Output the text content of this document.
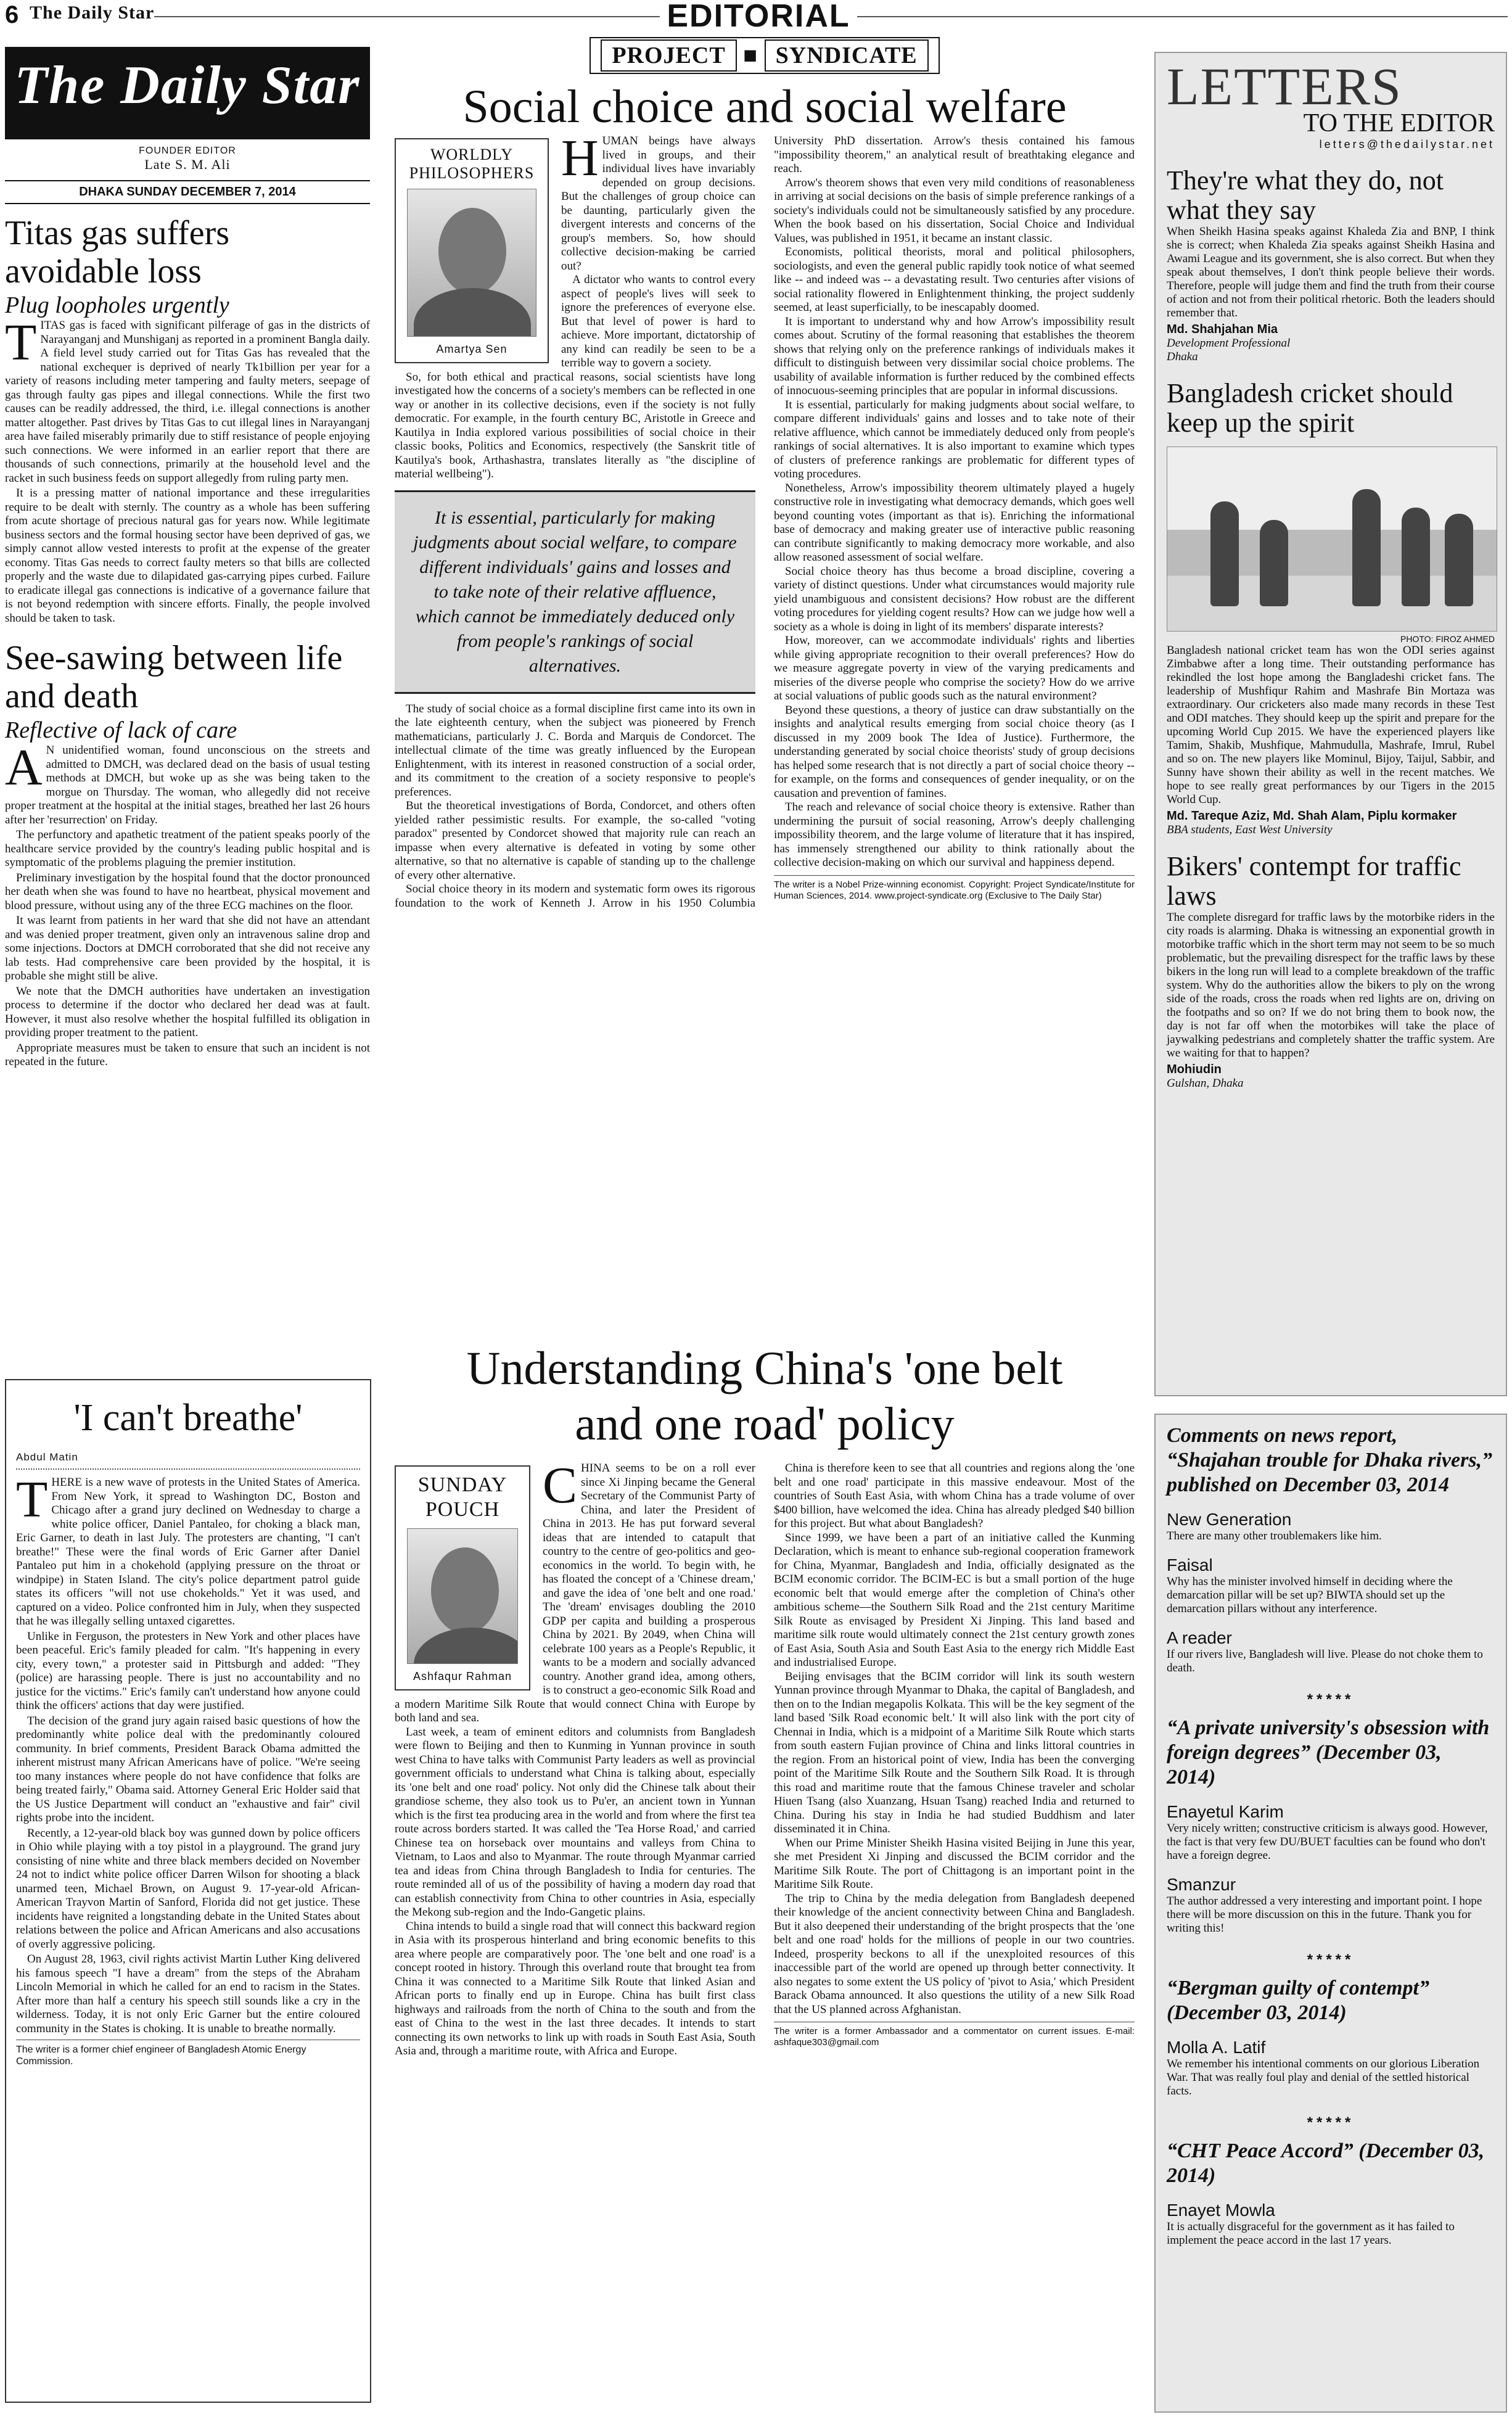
6 The Daily Star	EDITORIAL
The Daily Star
FOUNDER EDITOR
Late S. M. Ali
DHAKA SUNDAY DECEMBER 7, 2014
Titas gas suffers avoidable loss
Plug loopholes urgently
T ITAS gas is faced with significant pilferage of gas in the districts of Narayanganj and Munshiganj as reported in a prominent Bangla daily. A field level study carried out for Titas Gas has revealed that the national exchequer is deprived of nearly Tk1billion per year for a variety of reasons including meter tampering and faulty meters, seepage of gas through faulty gas pipes and illegal connections. While the first two causes can be readily addressed, the third, i.e. illegal connections is another matter altogether. Past drives by Titas Gas to cut illegal lines in Narayanganj area have failed miserably primarily due to stiff resistance of people enjoying such connections. We were informed in an earlier report that there are thousands of such connections, primarily at the household level and the racket in such business feeds on support allegedly from ruling party men.

It is a pressing matter of national importance and these irregularities require to be dealt with sternly. The country as a whole has been suffering from acute shortage of precious natural gas for years now. While legitimate business sectors and the formal housing sector have been deprived of gas, we simply cannot allow vested interests to profit at the expense of the greater economy. Titas Gas needs to correct faulty meters so that bills are collected properly and the waste due to dilapidated gas-carrying pipes curbed. Failure to eradicate illegal gas connections is indicative of a governance failure that is not beyond redemption with sincere efforts. Finally, the people involved should be taken to task.

See-sawing between life and death
Reflective of lack of care
A N unidentified woman, found unconscious on the streets and admitted to DMCH, was declared dead on the basis of usual testing methods at DMCH, but woke up as she was being taken to the morgue on Thursday. The woman, who allegedly did not receive proper treatment at the hospital at the initial stages, breathed her last 26 hours after her 'resurrection' on Friday.

The perfunctory and apathetic treatment of the patient speaks poorly of the healthcare service provided by the country's leading public hospital and is symptomatic of the problems plaguing the premier institution.

Preliminary investigation by the hospital found that the doctor pronounced her death when she was found to have no heartbeat, physical movement and blood pressure, without using any of the three ECG machines on the floor.

It was learnt from patients in her ward that she did not have an attendant and was denied proper treatment, given only an intravenous saline drop and some injections. Doctors at DMCH corroborated that she did not receive any lab tests. Had comprehensive care been provided by the hospital, it is probable she might still be alive.

We note that the DMCH authorities have undertaken an investigation process to determine if the doctor who declared her dead was at fault. However, it must also resolve whether the hospital fulfilled its obligation in providing proper treatment to the patient.

Appropriate measures must be taken to ensure that such an incident is not repeated in the future.

'I can't breathe'
Abdul Matin
T HERE is a new wave of protests in the United States of America. From New York, it spread to Washington DC, Boston and Chicago after a grand jury declined on Wednesday to charge a white police officer, Daniel Pantaleo, for choking a black man, Eric Garner, to death in last July. The protesters are chanting, "I can't breathe!" These were the final words of Eric Garner after Daniel Pantaleo put him in a chokehold (applying pressure on the throat or windpipe) in Staten Island. The city's police department patrol guide states its officers "will not use chokeholds." Yet it was used, and captured on a video. Police confronted him in July, when they suspected that he was illegally selling untaxed cigarettes.

Unlike in Ferguson, the protesters in New York and other places have been peaceful. Eric's family pleaded for calm. "It's happening in every city, every town," a protester said in Pittsburgh and added: "They (police) are harassing people. There is just no accountability and no justice for the victims." Eric's family can't understand how anyone could think the officers' actions that day were justified.

The decision of the grand jury again raised basic questions of how the predominantly white police deal with the predominantly coloured community. In brief comments, President Barack Obama admitted the inherent mistrust many African Americans have of police. "We're seeing too many instances where people do not have confidence that folks are being treated fairly," Obama said. Attorney General Eric Holder said that the US Justice Department will conduct an "exhaustive and fair" civil rights probe into the incident.

Recently, a 12-year-old black boy was gunned down by police officers in Ohio while playing with a toy pistol in a playground. The grand jury consisting of nine white and three black members decided on November 24 not to indict white police officer Darren Wilson for shooting a black unarmed teen, Michael Brown, on August 9. 17-year-old African-American Trayvon Martin of Sanford, Florida did not get justice. These incidents have reignited a longstanding debate in the United States about relations between the police and African Americans and also accusations of overly aggressive policing.

On August 28, 1963, civil rights activist Martin Luther King delivered his famous speech "I have a dream" from the steps of the Abraham Lincoln Memorial in which he called for an end to racism in the States. After more than half a century his speech still sounds like a cry in the wilderness. Today, it is not only Eric Garner but the entire coloured community in the States is choking. It is unable to breathe normally.

The writer is a former chief engineer of Bangladesh Atomic Energy Commission.
PROJECT ■ SYNDICATE
Social choice and social welfare
WORLDLY PHILOSOPHERS
Amartya Sen
H UMAN beings have always lived in groups, and their individual lives have invariably depended on group decisions. But the challenges of group choice can be daunting, particularly given the divergent interests and concerns of the group's members. So, how should collective decision-making be carried out?

A dictator who wants to control every aspect of people's lives will seek to ignore the preferences of everyone else. But that level of power is hard to achieve. More important, dictatorship of any kind can readily be seen to be a terrible way to govern a society.

So, for both ethical and practical reasons, social scientists have long investigated how the concerns of a society's members can be reflected in one way or another in its collective decisions, even if the society is not fully democratic. For example, in the fourth century BC, Aristotle in Greece and Kautilya in India explored various possibilities of social choice in their classic books, Politics and Economics, respectively (the Sanskrit title of Kautilya's book, Arthashastra, translates literally as "the discipline of material wellbeing").

It is essential, particularly for making judgments about social welfare, to compare different individuals' gains and losses and to take note of their relative affluence, which cannot be immediately deduced only from people's rankings of social alternatives.

The study of social choice as a formal discipline first came into its own in the late eighteenth century, when the subject was pioneered by French mathematicians, particularly J. C. Borda and Marquis de Condorcet. The intellectual climate of the time was greatly influenced by the European Enlightenment, with its interest in reasoned construction of a social order, and its commitment to the creation of a society responsive to people's preferences.

But the theoretical investigations of Borda, Condorcet, and others often yielded rather pessimistic results. For example, the so-called "voting paradox" presented by Condorcet showed that majority rule can reach an impasse when every alternative is defeated in voting by some other alternative, so that no alternative is capable of standing up to the challenge of every other alternative.

Social choice theory in its modern and systematic form owes its rigorous foundation to the work of Kenneth J. Arrow in his 1950 Columbia University PhD dissertation. Arrow's thesis contained his famous "impossibility theorem," an analytical result of breathtaking elegance and reach.

Arrow's theorem shows that even very mild conditions of reasonableness in arriving at social decisions on the basis of simple preference rankings of a society's individuals could not be simultaneously satisfied by any procedure. When the book based on his dissertation, Social Choice and Individual Values, was published in 1951, it became an instant classic.

Economists, political theorists, moral and political philosophers, sociologists, and even the general public rapidly took notice of what seemed like -- and indeed was -- a devastating result. Two centuries after visions of social rationality flowered in Enlightenment thinking, the project suddenly seemed, at least superficially, to be inescapably doomed.

It is important to understand why and how Arrow's impossibility result comes about. Scrutiny of the formal reasoning that establishes the theorem shows that relying only on the preference rankings of individuals makes it difficult to distinguish between very dissimilar social choice problems. The usability of available information is further reduced by the combined effects of innocuous-seeming principles that are popular in informal discussions.

It is essential, particularly for making judgments about social welfare, to compare different individuals' gains and losses and to take note of their relative affluence, which cannot be immediately deduced only from people's rankings of social alternatives. It is also important to examine which types of clusters of preference rankings are problematic for different types of voting procedures.

Nonetheless, Arrow's impossibility theorem ultimately played a hugely constructive role in investigating what democracy demands, which goes well beyond counting votes (important as that is). Enriching the informational base of democracy and making greater use of interactive public reasoning can contribute significantly to making democracy more workable, and also allow reasoned assessment of social welfare.

Social choice theory has thus become a broad discipline, covering a variety of distinct questions. Under what circumstances would majority rule yield unambiguous and consistent decisions? How robust are the different voting procedures for yielding cogent results? How can we judge how well a society as a whole is doing in light of its members' disparate interests?

How, moreover, can we accommodate individuals' rights and liberties while giving appropriate recognition to their overall preferences? How do we measure aggregate poverty in view of the varying predicaments and miseries of the diverse people who comprise the society? How do we arrive at social valuations of public goods such as the natural environment?

Beyond these questions, a theory of justice can draw substantially on the insights and analytical results emerging from social choice theory (as I discussed in my 2009 book The Idea of Justice). Furthermore, the understanding generated by social choice theorists' study of group decisions has helped some research that is not directly a part of social choice theory -- for example, on the forms and consequences of gender inequality, or on the causation and prevention of famines.

The reach and relevance of social choice theory is extensive. Rather than undermining the pursuit of social reasoning, Arrow's deeply challenging impossibility theorem, and the large volume of literature that it has inspired, has immensely strengthened our ability to think rationally about the collective decision-making on which our survival and happiness depend.

The writer is a Nobel Prize-winning economist. Copyright: Project Syndicate/Institute for Human Sciences, 2014. www.project-syndicate.org (Exclusive to The Daily Star)
Understanding China's 'one belt and one road' policy
SUNDAY POUCH
Ashfaqur Rahman
C HINA seems to be on a roll ever since Xi Jinping became the General Secretary of the Communist Party of China, and later the President of China in 2013. He has put forward several ideas that are intended to catapult that country to the centre of geo-politics and geo-economics in the world. To begin with, he has floated the concept of a 'Chinese dream,' and gave the idea of 'one belt and one road.' The 'dream' envisages doubling the 2010 GDP per capita and building a prosperous China by 2021. By 2049, when China will celebrate 100 years as a People's Republic, it wants to be a modern and socially advanced country. Another grand idea, among others, is to construct a geo-economic Silk Road and a modern Maritime Silk Route that would connect China with Europe by both land and sea.

Last week, a team of eminent editors and columnists from Bangladesh were flown to Beijing and then to Kunming in Yunnan province in south west China to have talks with Communist Party leaders as well as provincial government officials to understand what China is talking about, especially its 'one belt and one road' policy. Not only did the Chinese talk about their grandiose scheme, they also took us to Pu'er, an ancient town in Yunnan which is the first tea producing area in the world and from where the first tea route across borders started. It was called the 'Tea Horse Road,' and carried Chinese tea on horseback over mountains and valleys from China to Vietnam, to Laos and also to Myanmar. The route through Myanmar carried tea and ideas from China through Bangladesh to India for centuries. The route reminded all of us of the possibility of having a modern day road that can establish connectivity from China to other countries in Asia, especially the Mekong sub-region and the Indo-Gangetic plains.

China intends to build a single road that will connect this backward region in Asia with its prosperous hinterland and bring economic benefits to this area where people are comparatively poor. The 'one belt and one road' is a concept rooted in history. Through this overland route that brought tea from China it was connected to a Maritime Silk Route that linked Asian and African ports to finally end up in Europe. China has built first class highways and railroads from the north of China to the south and from the east of China to the west in the last three decades. It intends to start connecting its own networks to link up with roads in South East Asia, South Asia and, through a maritime route, with Africa and Europe.

China is therefore keen to see that all countries and regions along the 'one belt and one road' participate in this massive endeavour. Most of the countries of South East Asia, with whom China has a trade volume of over $400 billion, have welcomed the idea. China has already pledged $40 billion for this project. But what about Bangladesh?

Since 1999, we have been a part of an initiative called the Kunming Declaration, which is meant to enhance sub-regional cooperation framework for China, Myanmar, Bangladesh and India, officially designated as the BCIM economic corridor. The BCIM-EC is but a small portion of the huge economic belt that would emerge after the completion of China's other ambitious scheme—the Southern Silk Road and the 21st century Maritime Silk Route as envisaged by President Xi Jinping. This land based and maritime silk route would ultimately connect the 21st century growth zones of East Asia, South Asia and South East Asia to the energy rich Middle East and industrialised Europe.

Beijing envisages that the BCIM corridor will link its south western Yunnan province through Myanmar to Dhaka, the capital of Bangladesh, and then on to the Indian megapolis Kolkata. This will be the key segment of the land based 'Silk Road economic belt.' It will also link with the port city of Chennai in India, which is a midpoint of a Maritime Silk Route which starts from south eastern Fujian province of China and links littoral countries in the region. From an historical point of view, India has been the converging point of the Maritime Silk Route and the Southern Silk Road. It is through this road and maritime route that the famous Chinese traveler and scholar Hiuen Tsang (also Xuanzang, Hsuan Tsang) reached India and returned to China. During his stay in India he had studied Buddhism and later disseminated it in China.

When our Prime Minister Sheikh Hasina visited Beijing in June this year, she met President Xi Jinping and discussed the BCIM corridor and the Maritime Silk Route. The port of Chittagong is an important point in the Maritime Silk Route.

The trip to China by the media delegation from Bangladesh deepened their knowledge of the ancient connectivity between China and Bangladesh. But it also deepened their understanding of the bright prospects that the 'one belt and one road' holds for the millions of people in our two countries. Indeed, prosperity beckons to all if the unexploited resources of this inaccessible part of the world are opened up through better connectivity. It also negates to some extent the US policy of 'pivot to Asia,' which President Barack Obama announced. It also questions the utility of a new Silk Road that the US planned across Afghanistan.

The writer is a former Ambassador and a commentator on current issues. E-mail: ashfaque303@gmail.com
LETTERS
TO THE EDITOR
letters@thedailystar.net
They're what they do, not what they say
When Sheikh Hasina speaks against Khaleda Zia and BNP, I think she is correct; when Khaleda Zia speaks against Sheikh Hasina and Awami League and its government, she is also correct. But when they speak about themselves, I don't think people believe their words. Therefore, people will judge them and find the truth from their course of action and not from their political rhetoric. Both the leaders should remember that.
Md. Shahjahan Mia
Development Professional
Dhaka
Bangladesh cricket should keep up the spirit
PHOTO: FIROZ AHMED
Bangladesh national cricket team has won the ODI series against Zimbabwe after a long time. Their outstanding performance has rekindled the lost hope among the Bangladeshi cricket fans. The leadership of Mushfiqur Rahim and Mashrafe Bin Mortaza was extraordinary. Our cricketers also made many records in these Test and ODI matches. They should keep up the spirit and prepare for the upcoming World Cup 2015. We have the experienced players like Tamim, Shakib, Mushfique, Mahmudulla, Mashrafe, Imrul, Rubel and so on. The new players like Mominul, Bijoy, Taijul, Sabbir, and Sunny have shown their ability as well in the recent matches. We hope to see really great performances by our Tigers in the 2015 World Cup.
Md. Tareque Aziz, Md. Shah Alam, Piplu kormaker
BBA students, East West University
Bikers' contempt for traffic laws
The complete disregard for traffic laws by the motorbike riders in the city roads is alarming. Dhaka is witnessing an exponential growth in motorbike traffic which in the short term may not seem to be so much problematic, but the prevailing disrespect for the traffic laws by these bikers in the long run will lead to a complete breakdown of the traffic system. Why do the authorities allow the bikers to ply on the wrong side of the roads, cross the roads when red lights are on, driving on the footpaths and so on? If we do not bring them to book now, the day is not far off when the motorbikes will take the place of jaywalking pedestrians and completely shatter the traffic system. Are we waiting for that to happen?
Mohiudin
Gulshan, Dhaka
Comments on news report, “Shajahan trouble for Dhaka rivers,” published on December 03, 2014
New Generation
There are many other troublemakers like him.
Faisal
Why has the minister involved himself in deciding where the demarcation pillar will be set up? BIWTA should set up the demarcation pillars without any interference.
A reader
If our rivers live, Bangladesh will live. Please do not choke them to death.
*****
“A private university's obsession with foreign degrees” (December 03, 2014)
Enayetul Karim
Very nicely written; constructive criticism is always good. However, the fact is that very few DU/BUET faculties can be found who don't have a foreign degree.
Smanzur
The author addressed a very interesting and important point. I hope there will be more discussion on this in the future. Thank you for writing this!
*****
“Bergman guilty of contempt” (December 03, 2014)
Molla A. Latif
We remember his intentional comments on our glorious Liberation War. That was really foul play and denial of the settled historical facts.
*****
“CHT Peace Accord” (December 03, 2014)
Enayet Mowla
It is actually disgraceful for the government as it has failed to implement the peace accord in the last 17 years.
